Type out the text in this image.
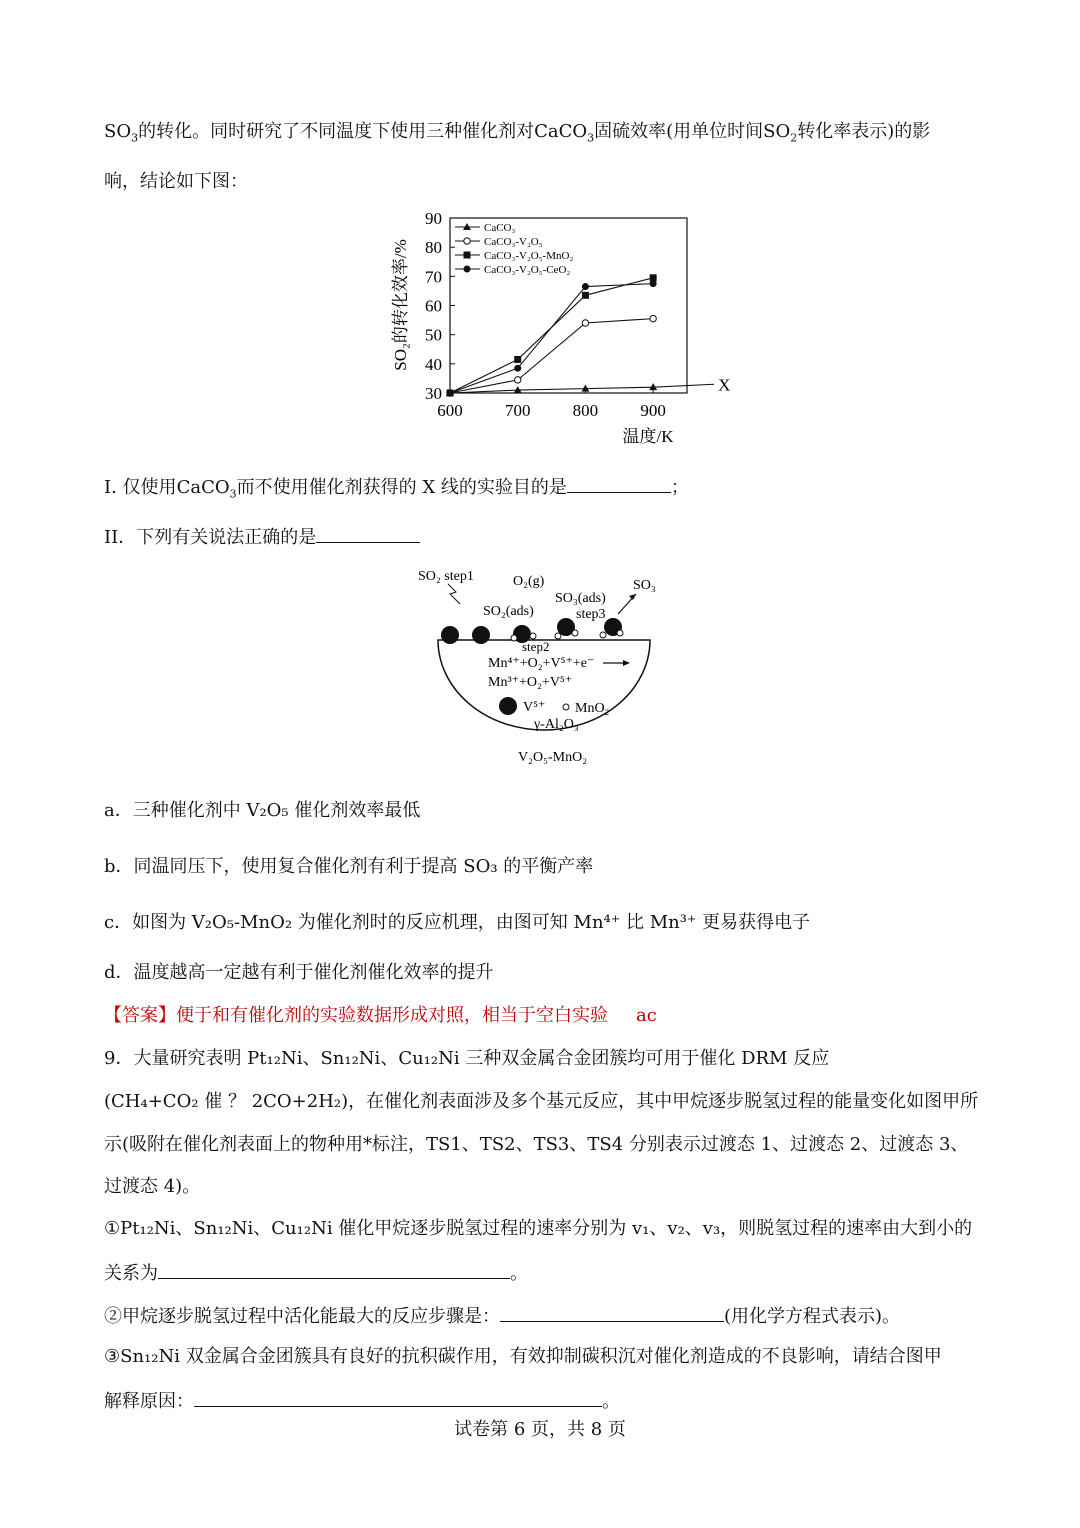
$SO_3$的转化。同时研究了不同温度下使用三种催化剂对CaCO$_3$固硫效率(用单位时间$SO_2$转化率表示)的影
响，结论如下图：
30
40
50
60
70
80
90
600 700 800 900
CaCO₃
CaCO₃-V₂O₅
CaCO₃-V₂O₅-MnO₂
CaCO₃-V₂O₅-CeO₂
SO₂的转化效率/%
温度/K
X
I. 仅使用CaCO$_3$而不使用催化剂获得的 X 线的实验目的是	；
II．下列有关说法正确的是
SO₂ step1	O₂(g)
SO₂(ads)
SO₃(ads)
step3
SO₃
step2
Mn⁴⁺+O₂+V⁵⁺+e⁻
Mn³⁺+O₂+V⁵⁺
V⁵⁺ MnO₂
γ-Al₂O₃
V₂O₅-MnO₂
a．三种催化剂中 V₂O₅ 催化剂效率最低
b．同温同压下，使用复合催化剂有利于提高 SO₃ 的平衡产率
c．如图为 V₂O₅-MnO₂ 为催化剂时的反应机理，由图可知 Mn⁴⁺ 比 Mn³⁺ 更易获得电子
d．温度越高一定越有利于催化剂催化效率的提升
【答案】便于和有催化剂的实验数据形成对照，相当于空白实验 ac
9．大量研究表明 Pt₁₂Ni、Sn₁₂Ni、Cu₁₂Ni 三种双金属合金团簇均可用于催化 DRM 反应
(CH₄+CO₂ 催 ？ 2CO+2H₂)，在催化剂表面涉及多个基元反应，其中甲烷逐步脱氢过程的能量变化如图甲所
示(吸附在催化剂表面上的物种用*标注，TS1、TS2、TS3、TS4 分别表示过渡态 1、过渡态 2、过渡态 3、
过渡态 4)。
①Pt₁₂Ni、Sn₁₂Ni、Cu₁₂Ni 催化甲烷逐步脱氢过程的速率分别为 v₁、v₂、v₃，则脱氢过程的速率由大到小的
关系为	。
②甲烷逐步脱氢过程中活化能最大的反应步骤是：	(用化学方程式表示)。
③Sn₁₂Ni 双金属合金团簇具有良好的抗积碳作用，有效抑制碳积沉对催化剂造成的不良影响，请结合图甲
解释原因：	。
试卷第 6 页，共 8 页
